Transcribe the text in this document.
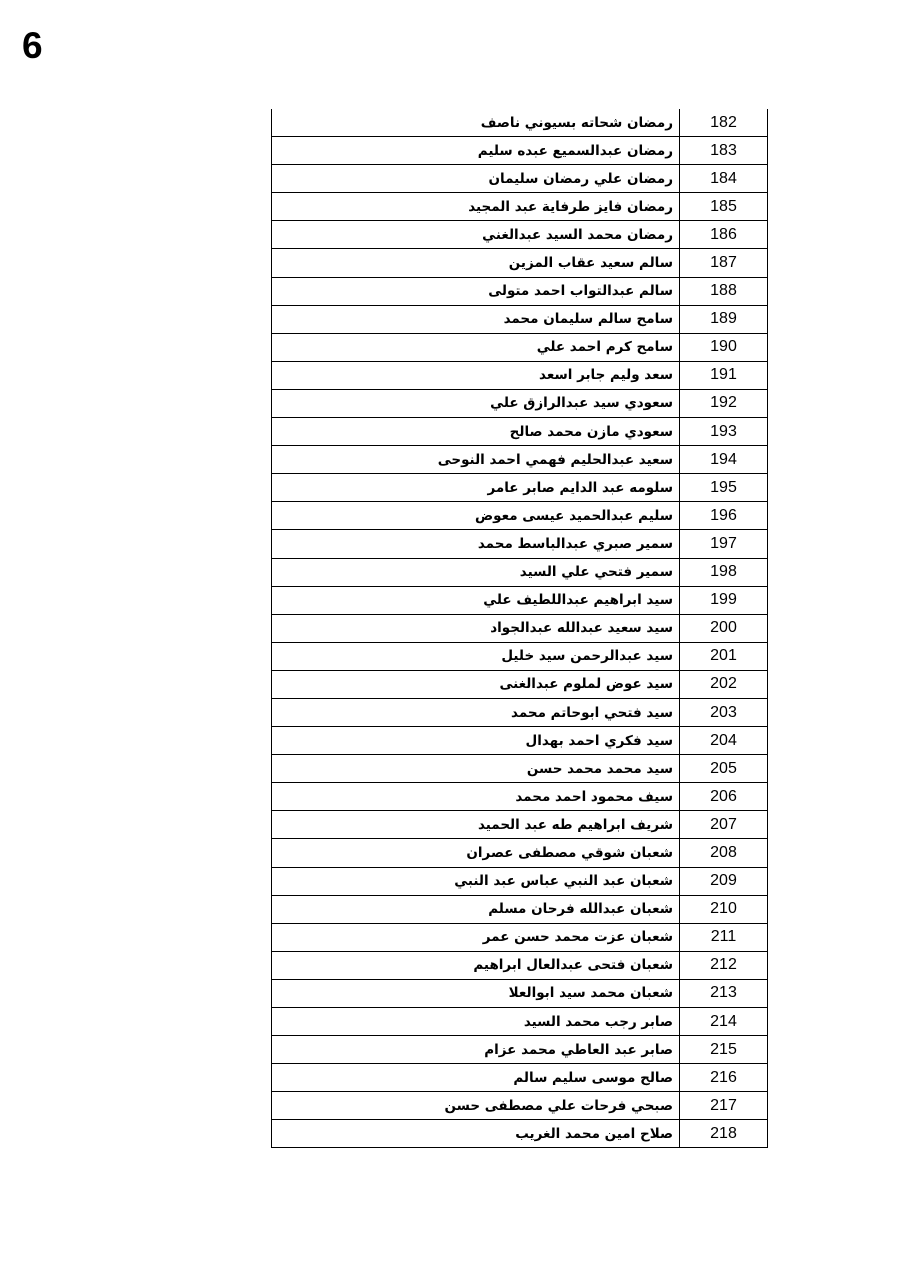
6
182	رمضان شحاته بسيوني ناصف
183	رمضان عبدالسميع عبده سليم
184	رمضان علي رمضان سليمان
185	رمضان فايز طرفاية عبد المجيد
186	رمضان محمد السيد عبدالغني
187	سالم سعيد عقاب المزين
188	سالم عبدالتواب احمد متولى
189	سامح سالم سليمان محمد
190	سامح كرم احمد علي
191	سعد وليم جابر اسعد
192	سعودي سيد عبدالرازق علي
193	سعودي مازن محمد صالح
194	سعيد عبدالحليم فهمي احمد النوحى
195	سلومه عبد الدايم صابر عامر
196	سليم عبدالحميد عيسى معوض
197	سمير صبري عبدالباسط محمد
198	سمير فتحي علي السيد
199	سيد ابراهيم عبداللطيف علي
200	سيد سعيد عبدالله عبدالجواد
201	سيد عبدالرحمن سيد خليل
202	سيد عوض لملوم عبدالغنى
203	سيد فتحي ابوحاتم محمد
204	سيد فكري احمد بهدال
205	سيد محمد محمد حسن
206	سيف محمود احمد محمد
207	شريف ابراهيم طه عبد الحميد
208	شعبان شوقي مصطفى عصران
209	شعبان عبد النبي عباس عبد النبي
210	شعبان عبدالله فرحان مسلم
211	شعبان عزت محمد حسن عمر
212	شعبان فتحى عبدالعال ابراهيم
213	شعبان محمد سيد ابوالعلا
214	صابر رجب محمد السيد
215	صابر عبد العاطي محمد عزام
216	صالح موسى سليم سالم
217	صبحي فرحات علي مصطفى حسن
218	صلاح امين محمد الغريب
